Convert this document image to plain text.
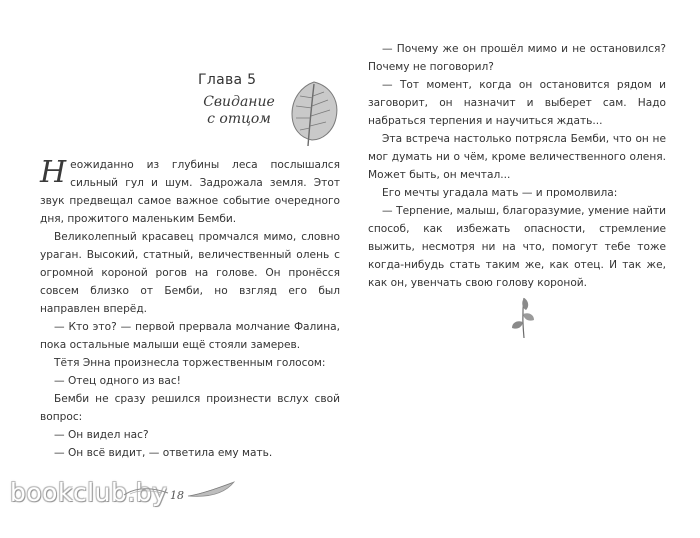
Глава 5
Свидание
с отцом

Неожиданно из глубины леса послышался сильный гул и шум. Задрожала земля. Этот звук предвещал самое важное событие очередного дня, прожитого маленьким Бемби.

Великолепный красавец промчался мимо, словно ураган. Высокий, статный, величественный олень с огромной короной рогов на голове. Он пронёсся совсем близко от Бемби, но взгляд его был направлен вперёд.

— Кто это? — первой прервала молчание Фалина, пока остальные малыши ещё стояли замерев.

Тётя Энна произнесла торжественным голосом:

— Отец одного из вас!

Бемби не сразу решился произнести вслух свой вопрос:

— Он видел нас?

— Он всё видит, — ответила ему мать.

bookclub.by 18

— Почему же он прошёл мимо и не остановился? Почему не поговорил?

— Тот момент, когда он остановится рядом и заговорит, он назначит и выберет сам. Надо набраться терпения и научиться ждать...

Эта встреча настолько потрясла Бемби, что он не мог думать ни о чём, кроме величественного оленя. Может быть, он мечтал...

Его мечты угадала мать — и промолвила:

— Терпение, малыш, благоразумие, умение найти способ, как избежать опасности, стремление выжить, несмотря ни на что, помогут тебе тоже когда-нибудь стать таким же, как отец. И так же, как он, увенчать свою голову короной.
